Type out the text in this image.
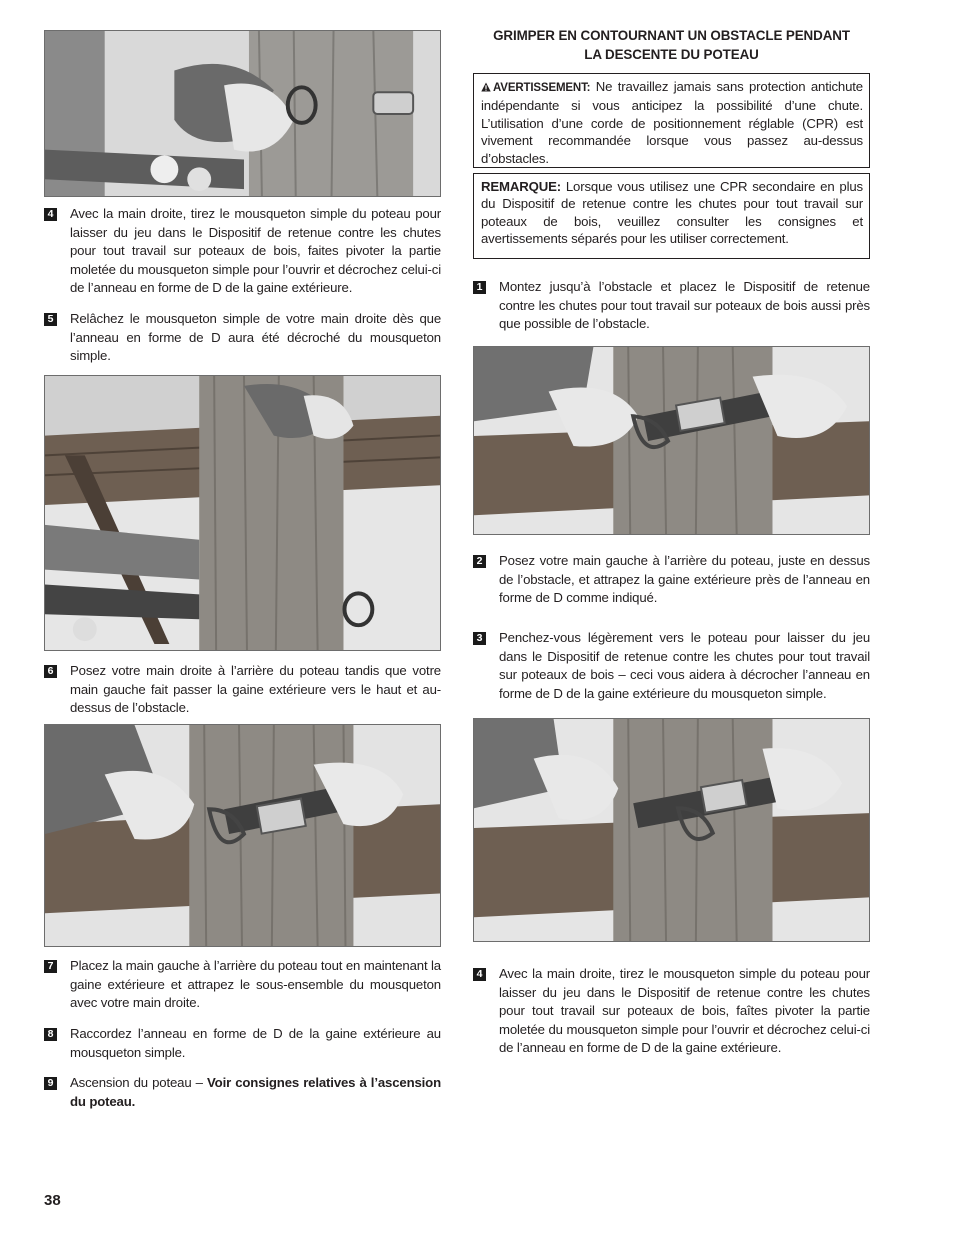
4 Avec la main droite, tirez le mousqueton simple du poteau pour laisser du jeu dans le Dispositif de retenue contre les chutes pour tout travail sur poteaux de bois, faites pivoter la partie moletée du mousqueton simple pour l’ouvrir et décrochez celui-ci de l’anneau en forme de D de la gaine extérieure.
5 Relâchez le mousqueton simple de votre main droite dès que l’anneau en forme de D aura été décroché du mousqueton simple.
6 Posez votre main droite à l’arrière du poteau tandis que votre main gauche fait passer la gaine extérieure vers le haut et au-dessus de l’obstacle.
7 Placez la main gauche à l’arrière du poteau tout en maintenant la gaine extérieure et attrapez le sous-ensemble du mousqueton avec votre main droite.
8 Raccordez l’anneau en forme de D de la gaine extérieure au mousqueton simple.
9 Ascension du poteau – Voir consignes relatives à l’ascension du poteau.
GRIMPER EN CONTOURNANT UN OBSTACLE PENDANT
LA DESCENTE DU POTEAU
AVERTISSEMENT: Ne travaillez jamais sans protection antichute indépendante si vous anticipez la possibilité d’une chute. L’utilisation d’une corde de positionnement réglable (CPR) est vivement recommandée lorsque vous passez au-dessus d’obstacles.
REMARQUE: Lorsque vous utilisez une CPR secondaire en plus du Dispositif de retenue contre les chutes pour tout travail sur poteaux de bois, veuillez consulter les consignes et avertissements séparés pour les utiliser correctement.
1 Montez jusqu’à l’obstacle et placez le Dispositif de retenue contre les chutes pour tout travail sur poteaux de bois aussi près que possible de l’obstacle.
2 Posez votre main gauche à l’arrière du poteau, juste en dessus de l’obstacle, et attrapez la gaine extérieure près de l’anneau en forme de D comme indiqué.
3 Penchez-vous légèrement vers le poteau pour laisser du jeu dans le Dispositif de retenue contre les chutes pour tout travail sur poteaux de bois – ceci vous aidera à décrocher l’anneau en forme de D de la gaine extérieure du mousqueton simple.
4 Avec la main droite, tirez le mousqueton simple du poteau pour laisser du jeu dans le Dispositif de retenue contre les chutes pour tout travail sur poteaux de bois, faîtes pivoter la partie moletée du mousqueton simple pour l’ouvrir et décrochez celui-ci de l’anneau en forme de D de la gaine extérieure.
38
